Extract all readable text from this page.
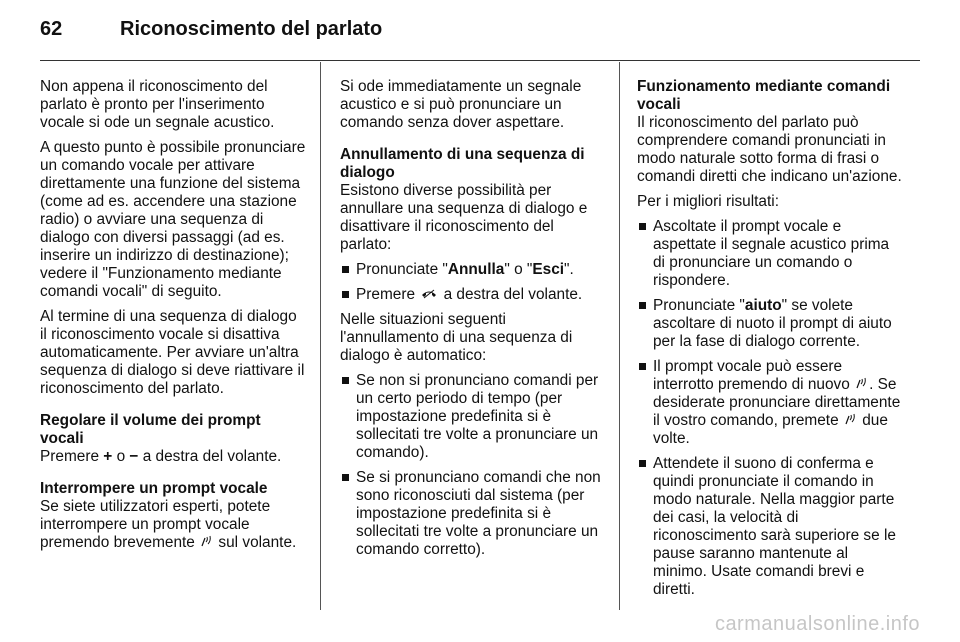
62	Riconoscimento del parlato

Non appena il riconoscimento del parlato è pronto per l'inserimento vocale si ode un segnale acustico.

A questo punto è possibile pronunciare un comando vocale per attivare direttamente una funzione del sistema (come ad es. accendere una stazione radio) o avviare una sequenza di dialogo con diversi passaggi (ad es. inserire un indirizzo di destinazione); vedere il "Funzionamento mediante comandi vocali" di seguito.

Al termine di una sequenza di dialogo il riconoscimento vocale si disattiva automaticamente. Per avviare un'altra sequenza di dialogo si deve riattivare il riconoscimento del parlato.

Regolare il volume dei prompt vocali

Premere + o − a destra del volante.

Interrompere un prompt vocale

Se siete utilizzatori esperti, potete interrompere un prompt vocale premendo brevemente sul volante.

Si ode immediatamente un segnale acustico e si può pronunciare un comando senza dover aspettare.

Annullamento di una sequenza di dialogo

Esistono diverse possibilità per annullare una sequenza di dialogo e disattivare il riconoscimento del parlato:

Pronunciate "Annulla" o "Esci".
Premere a destra del volante.

Nelle situazioni seguenti l'annullamento di una sequenza di dialogo è automatico:

Se non si pronunciano comandi per un certo periodo di tempo (per impostazione predefinita si è sollecitati tre volte a pronunciare un comando).
Se si pronunciano comandi che non sono riconosciuti dal sistema (per impostazione predefinita si è sollecitati tre volte a pronunciare un comando corretto).

Funzionamento mediante comandi vocali

Il riconoscimento del parlato può comprendere comandi pronunciati in modo naturale sotto forma di frasi o comandi diretti che indicano un'azione.

Per i migliori risultati:

Ascoltate il prompt vocale e aspettate il segnale acustico prima di pronunciare un comando o rispondere.
Pronunciate "aiuto" se volete ascoltare di nuoto il prompt di aiuto per la fase di dialogo corrente.
Il prompt vocale può essere interrotto premendo di nuovo . Se desiderate pronunciare direttamente il vostro comando, premete due volte.
Attendete il suono di conferma e quindi pronunciate il comando in modo naturale. Nella maggior parte dei casi, la velocità di riconoscimento sarà superiore se le pause saranno mantenute al minimo. Usate comandi brevi e diretti.
carmanualsonline.info
